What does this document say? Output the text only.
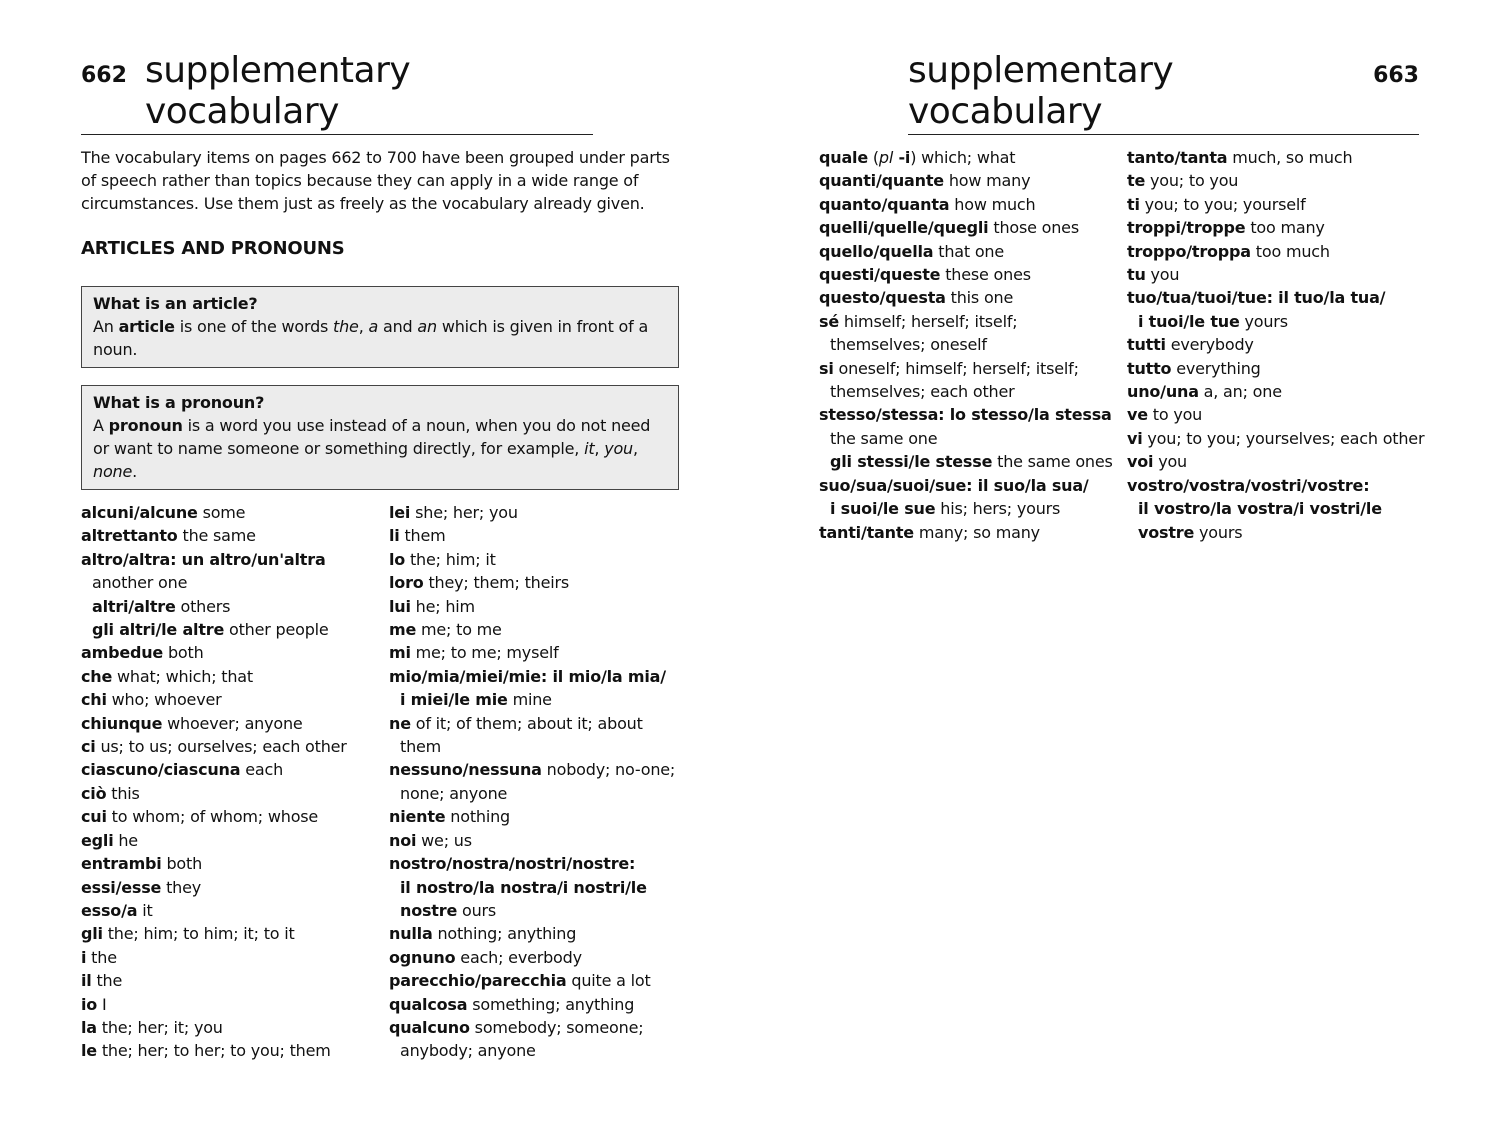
662 supplementary vocabulary
supplementary vocabulary
663
The vocabulary items on pages 662 to 700 have been grouped under parts
of speech rather than topics because they can apply in a wide range of
circumstances. Use them just as freely as the vocabulary already given.
ARTICLES AND PRONOUNS
What is an article?
An article is one of the words the, a and an which is given in front of a
noun.
What is a pronoun?
A pronoun is a word you use instead of a noun, when you do not need
or want to name someone or something directly, for example, it, you,
none.
alcuni/alcune some
altrettanto the same
altro/altra: un altro/un'altra
another one
altri/altre others
gli altri/le altre other people
ambedue both
che what; which; that
chi who; whoever
chiunque whoever; anyone
ci us; to us; ourselves; each other
ciascuno/ciascuna each
ciò this
cui to whom; of whom; whose
egli he
entrambi both
essi/esse they
esso/a it
gli the; him; to him; it; to it
i the
il the
io I
la the; her; it; you
le the; her; to her; to you; them
lei she; her; you
li them
lo the; him; it
loro they; them; theirs
lui he; him
me me; to me
mi me; to me; myself
mio/mia/miei/mie: il mio/la mia/
i miei/le mie mine
ne of it; of them; about it; about
them
nessuno/nessuna nobody; no-one;
none; anyone
niente nothing
noi we; us
nostro/nostra/nostri/nostre:
il nostro/la nostra/i nostri/le
nostre ours
nulla nothing; anything
ognuno each; everbody
parecchio/parecchia quite a lot
qualcosa something; anything
qualcuno somebody; someone;
anybody; anyone
quale (pl -i) which; what
quanti/quante how many
quanto/quanta how much
quelli/quelle/quegli those ones
quello/quella that one
questi/queste these ones
questo/questa this one
sé himself; herself; itself;
themselves; oneself
si oneself; himself; herself; itself;
themselves; each other
stesso/stessa: lo stesso/la stessa
the same one
gli stessi/le stesse the same ones
suo/sua/suoi/sue: il suo/la sua/
i suoi/le sue his; hers; yours
tanti/tante many; so many
tanto/tanta much, so much
te you; to you
ti you; to you; yourself
troppi/troppe too many
troppo/troppa too much
tu you
tuo/tua/tuoi/tue: il tuo/la tua/
i tuoi/le tue yours
tutti everybody
tutto everything
uno/una a, an; one
ve to you
vi you; to you; yourselves; each other
voi you
vostro/vostra/vostri/vostre:
il vostro/la vostra/i vostri/le
vostre yours
